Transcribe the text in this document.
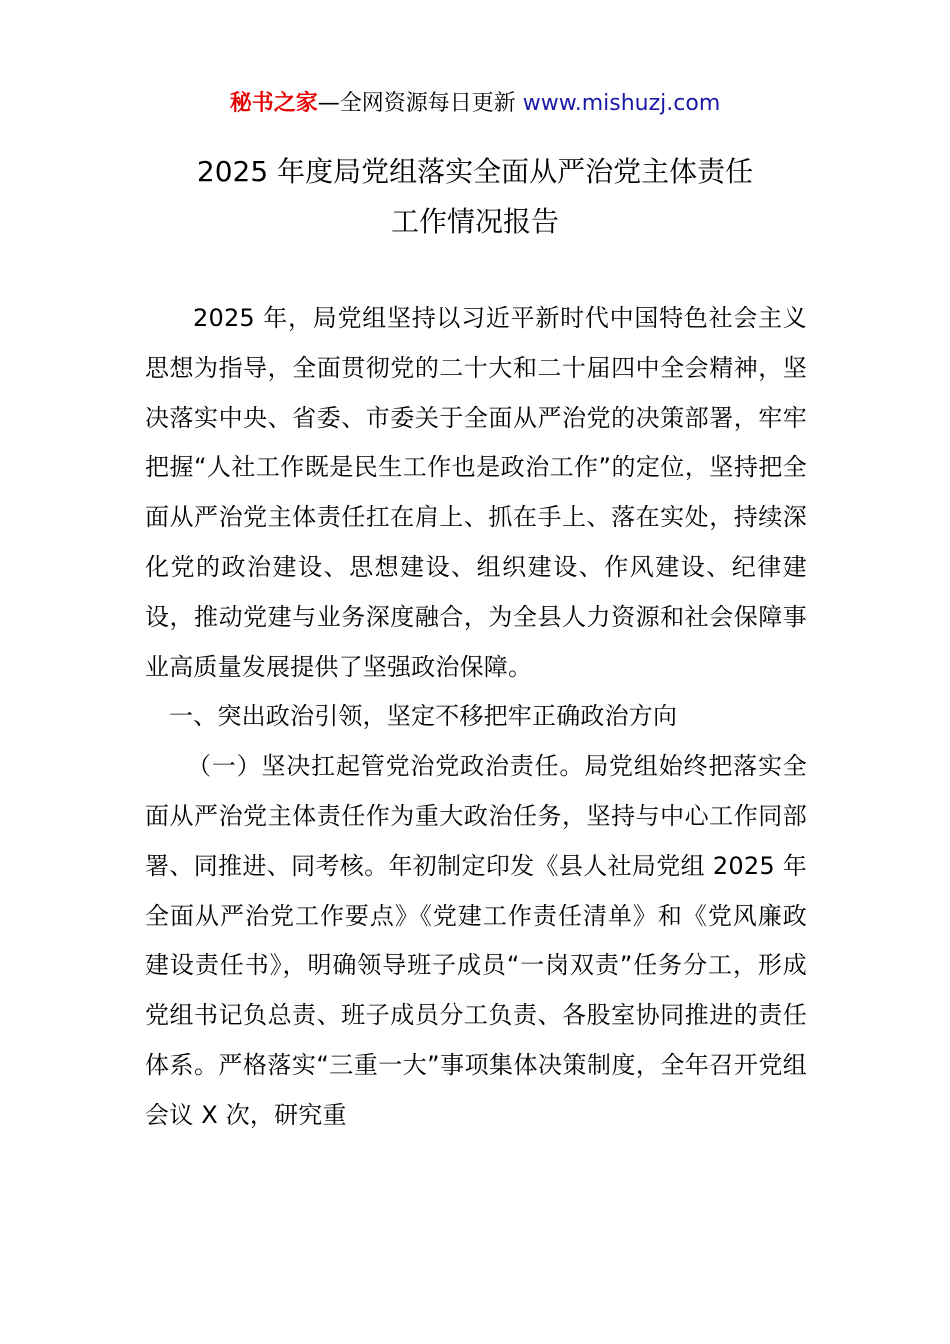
秘书之家—全网资源每日更新 www.mishuzj.com
2025 年度局党组落实全面从严治党主体责任
工作情况报告

2025 年，局党组坚持以习近平新时代中国特色社会主义思想为指导，全面贯彻党的二十大和二十届四中全会精神，坚决落实中央、省委、市委关于全面从严治党的决策部署，牢牢把握“人社工作既是民生工作也是政治工作”的定位，坚持把全面从严治党主体责任扛在肩上、抓在手上、落在实处，持续深化党的政治建设、思想建设、组织建设、作风建设、纪律建设，推动党建与业务深度融合，为全县人力资源和社会保障事业高质量发展提供了坚强政治保障。

一、突出政治引领，坚定不移把牢正确政治方向

（一）坚决扛起管党治党政治责任。局党组始终把落实全面从严治党主体责任作为重大政治任务，坚持与中心工作同部署、同推进、同考核。年初制定印发《县人社局党组 2025 年全面从严治党工作要点》《党建工作责任清单》和《党风廉政建设责任书》，明确领导班子成员“一岗双责”任务分工，形成党组书记负总责、班子成员分工负责、各股室协同推进的责任体系。严格落实“三重一大”事项集体决策制度，全年召开党组会议 X 次，研究重
